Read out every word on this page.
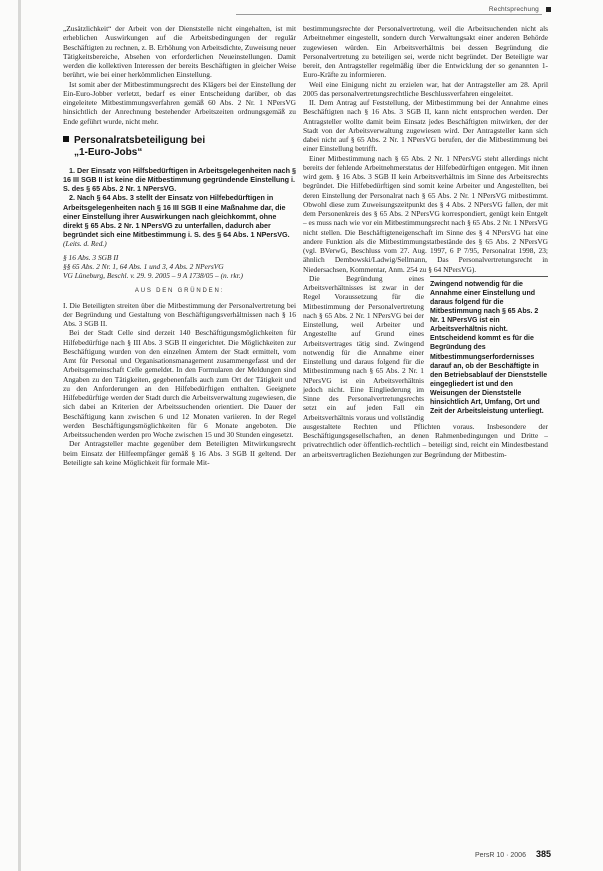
Rechtsprechung

„Zusätzlichkeit“ der Arbeit von der Dienststelle nicht eingehalten, ist mit erheblichen Auswirkungen auf die Arbeitsbedingungen der regulär Beschäftigten zu rechnen, z. B. Erhöhung von Arbeitsdichte, Zuweisung neuer Tätigkeitsbereiche, Absehen von erforderlichen Neueinstellungen. Damit werden die kollektiven Interessen der bereits Beschäftigten in gleicher Weise berührt, wie bei einer herkömmlichen Einstellung.

Ist somit aber der Mitbestimmungsrecht des Klägers bei der Einstellung der Ein-Euro-Jobber verletzt, bedarf es einer Entscheidung darüber, ob das eingeleitete Mitbestimmungsverfahren gemäß 60 Abs. 2 Nr. 1 NPersVG hinsichtlich der Anrechnung bestehender Arbeitszeiten ordnungsgemäß zu Ende geführt wurde, nicht mehr.

Personalratsbeteiligung bei
„1-Euro-Jobs“

1. Der Einsatz von Hilfsbedürftigen in Arbeitsgelegenheiten nach § 16 III SGB II ist keine die Mitbestimmung gegründende Einstellung i. S. des § 65 Abs. 2 Nr. 1 NPersVG.

2. Nach § 64 Abs. 3 stellt der Einsatz von Hilfebedürftigen in Arbeitsgelegenheiten nach § 16 III SGB II eine Maßnahme dar, die einer Einstellung ihrer Auswirkungen nach gleichkommt, ohne direkt § 65 Abs. 2 Nr. 1 NPersVG zu unterfallen, dadurch aber begründet sich eine Mitbestimmung i. S. des § 64 Abs. 1 NPersVG.

(Leits. d. Red.)

§ 16 Abs. 3 SGB II

§§ 65 Abs. 2 Nr. 1, 64 Abs. 1 und 3, 4 Abs. 2 NPersVG

VG Lüneburg, Beschl. v. 29. 9. 2005 – 9 A 1738/05 – (n. rkr.)

AUS DEN GRÜNDEN:

I. Die Beteiligten streiten über die Mitbestimmung der Personalvertretung bei der Begründung und Gestaltung von Beschäftigungsverhältnissen nach § 16 Abs. 3 SGB II.

Bei der Stadt Celle sind derzeit 140 Beschäftigungsmöglichkeiten für Hilfebedürftige nach § III Abs. 3 SGB II eingerichtet. Die Möglichkeiten zur Beschäftigung wurden von den einzelnen Ämtern der Stadt ermittelt, vom Amt für Personal und Organisationsmanagement zusammengefasst und der Arbeitsgemeinschaft Celle gemeldet. In den Formularen der Meldungen sind Angaben zu den Tätigkeiten, gegebenenfalls auch zum Ort der Tätigkeit und zu den Anforderungen an den Hilfebedürftigen enthalten. Geeignete Hilfebedürftige werden der Stadt durch die Arbeitsverwaltung zugewiesen, die sich dabei an Kriterien der Arbeitssuchenden orientiert. Die Dauer der Beschäftigung kann zwischen 6 und 12 Monaten variieren. In der Regel werden Beschäftigungsmöglichkeiten für 6 Monate angeboten. Die Arbeitssuchenden werden pro Woche zwischen 15 und 30 Stunden eingesetzt.

Der Antragsteller machte gegenüber dem Beteiligten Mitwirkungsrecht beim Einsatz der Hilfeempfänger gemäß § 16 Abs. 3 SGB II geltend. Der Beteiligte sah keine Möglichkeit für formale Mit-

bestimmungsrechte der Personalvertretung, weil die Arbeitsuchenden nicht als Arbeitnehmer eingestellt, sondern durch Verwaltungsakt einer anderen Behörde zugewiesen würden. Ein Arbeitsverhältnis bei dessen Begründung die Personalvertretung zu beteiligen sei, werde nicht begründet. Der Beteiligte war bereit, den Antragsteller regelmäßig über die Entwicklung der so genannten 1-Euro-Kräfte zu informieren.

Weil eine Einigung nicht zu erzielen war, hat der Antragsteller am 28. April 2005 das personalvertretungsrechtliche Beschlussverfahren eingeleitet.

II. Dem Antrag auf Feststellung, der Mitbestimmung bei der Annahme eines Beschäftigten nach § 16 Abs. 3 SGB II, kann nicht entsprochen werden. Der Antragsteller wollte damit beim Einsatz jedes Beschäftigten mitwirken, der der Stadt von der Arbeitsverwaltung zugewiesen wird. Der Antragsteller kann sich dabei nicht auf § 65 Abs. 2 Nr. 1 NPersVG berufen, der die Mitbestimmung bei einer Einstellung betrifft.

Einer Mitbestimmung nach § 65 Abs. 2 Nr. 1 NPersVG steht allerdings nicht bereits der fehlende Arbeitnehmerstatus der Hilfebedürftigen entgegen. Mit ihnen wird gem. § 16 Abs. 3 SGB II kein Arbeitsverhältnis im Sinne des Arbeitsrechts begründet. Die Hilfebedürftigen sind somit keine Arbeiter und Angestellten, bei deren Einstellung der Personalrat nach § 65 Abs. 2 Nr. 1 NPersVG mitbestimmt. Obwohl diese zum Zuweisungszeitpunkt des § 4 Abs. 2 NPersVG fallen, der mit dem Personenkreis des § 65 Abs. 2 NPersVG korrespondiert, genügt kein Entgelt – es muss nach wie vor ein Mitbestimmungsrecht nach § 65 Abs. 2 Nr. 1 NPersVG nicht stellen. Die Beschäftigteneigenschaft im Sinne des § 4 NPersVG hat eine andere Funktion als die Mitbestimmungstatbestände des § 65 Abs. 2 NPersVG (vgl. BVerwG, Beschluss vom 27. Aug. 1997, 6 P 7/95, Personalrat 1998, 23; ähnlich Dembowski/Ladwig/Sellmann, Das Personalvertretungsrecht in Niedersachsen, Kommentar, Anm. 254 zu § 64 NPersVG).

Zwingend notwendig für die Annahme einer Einstellung und daraus folgend für die Mitbestimmung nach § 65 Abs. 2 Nr. 1 NPersVG ist ein Arbeitsverhältnis nicht. Entscheidend kommt es für die Begründung des Mitbestimmungserfordernisses darauf an, ob der Beschäftigte in den Betriebsablauf der Dienststelle eingegliedert ist und den Weisungen der Dienststelle hinsichtlich Art, Umfang, Ort und Zeit der Arbeitsleistung unterliegt.

Die Begründung eines Arbeitsverhältnisses ist zwar in der Regel Voraussetzung für die Mitbestimmung der Personalvertretung nach § 65 Abs. 2 Nr. 1 NPersVG bei der Einstellung, weil Arbeiter und Angestellte auf Grund eines Arbeitsvertrages tätig sind. Zwingend notwendig für die Annahme einer Einstellung und daraus folgend für die Mitbestimmung nach § 65 Abs. 2 Nr. 1 NPersVG ist ein Arbeitsverhältnis jedoch nicht. Eine Eingliederung im Sinne des Personalvertretungsrechts setzt ein auf jeden Fall ein Arbeitsverhältnis voraus und vollständig ausgestaltete Rechten und Pflichten voraus. Insbesondere der Beschäftigungsgesellschaften, an denen Rahmenbedingungen und Dritte – privatrechtlich oder öffentlich-rechtlich – beteiligt sind, reicht ein Mindestbestand an arbeitsvertraglichen Beziehungen zur Begründung der Mitbestim-

PersR 10 · 2006 385
